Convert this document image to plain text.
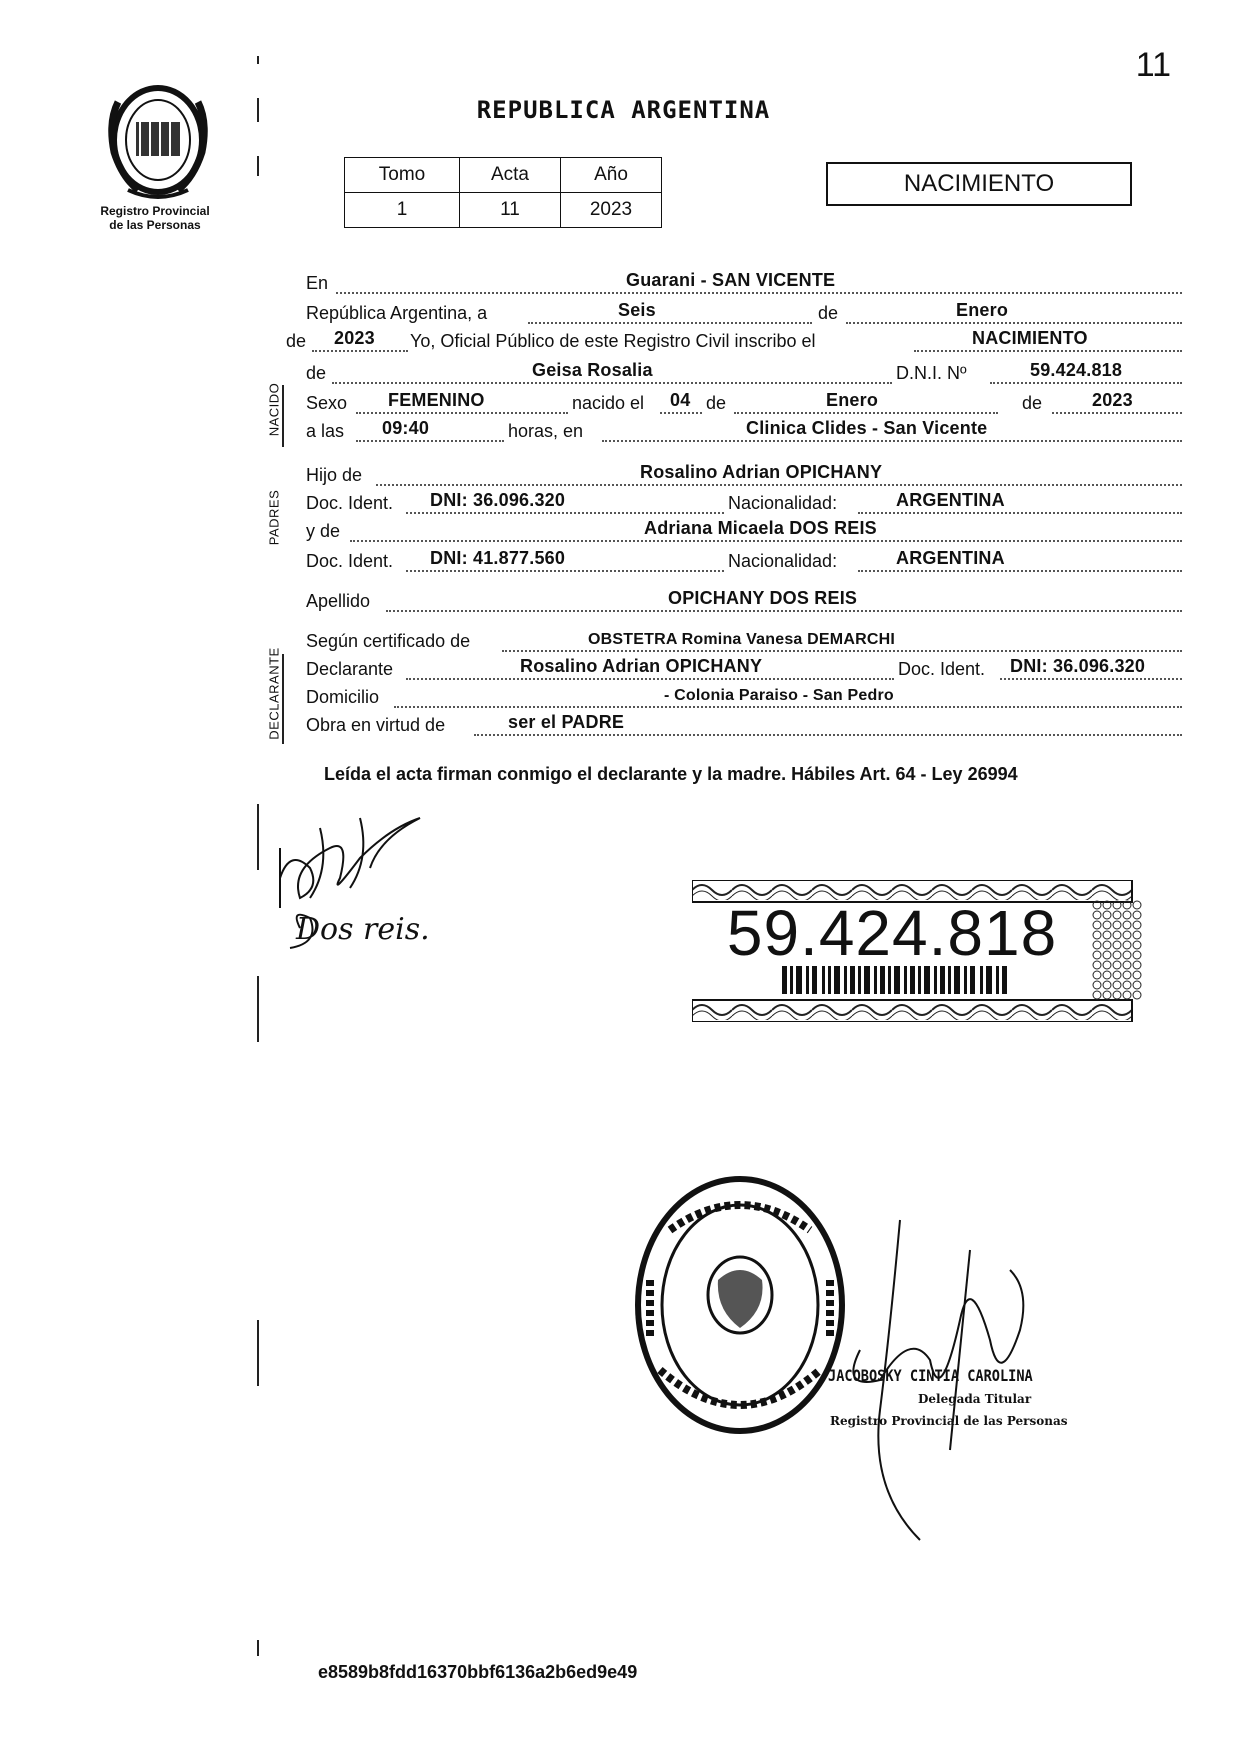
11
Registro Provincial
de las Personas
REPUBLICA ARGENTINA
Tomo	Acta	Año
1	11	2023
NACIMIENTO
NACIDO
PADRES
DECLARANTE
En	Guarani - SAN VICENTE
República Argentina, a	Seis	de	Enero
de 2023 Yo, Oficial Público de este Registro Civil inscribo el	NACIMIENTO
de	Geisa Rosalia	D.N.I. Nº	59.424.818
Sexo FEMENINO	nacido el 04 de	Enero	de	2023
a las 09:40	horas, en	Clinica Clides - San Vicente
Hijo de	Rosalino Adrian OPICHANY
Doc. Ident. DNI: 36.096.320	Nacionalidad:	ARGENTINA
y de	Adriana Micaela DOS REIS
Doc. Ident. DNI: 41.877.560	Nacionalidad:	ARGENTINA
Apellido	OPICHANY DOS REIS
Según certificado de	OBSTETRA Romina Vanesa DEMARCHI
Declarante	Rosalino Adrian OPICHANY	Doc. Ident. DNI: 36.096.320
Domicilio	- Colonia Paraiso - San Pedro
Obra en virtud de	ser el PADRE
Leída el acta firman conmigo el declarante y la madre. Hábiles Art. 64 - Ley 26994
Dos reis.	59.424.818
JACOBOSKY CINTIA CAROLINA
Delegada Titular
Registro Provincial de las Personas
e8589b8fdd16370bbf6136a2b6ed9e49
